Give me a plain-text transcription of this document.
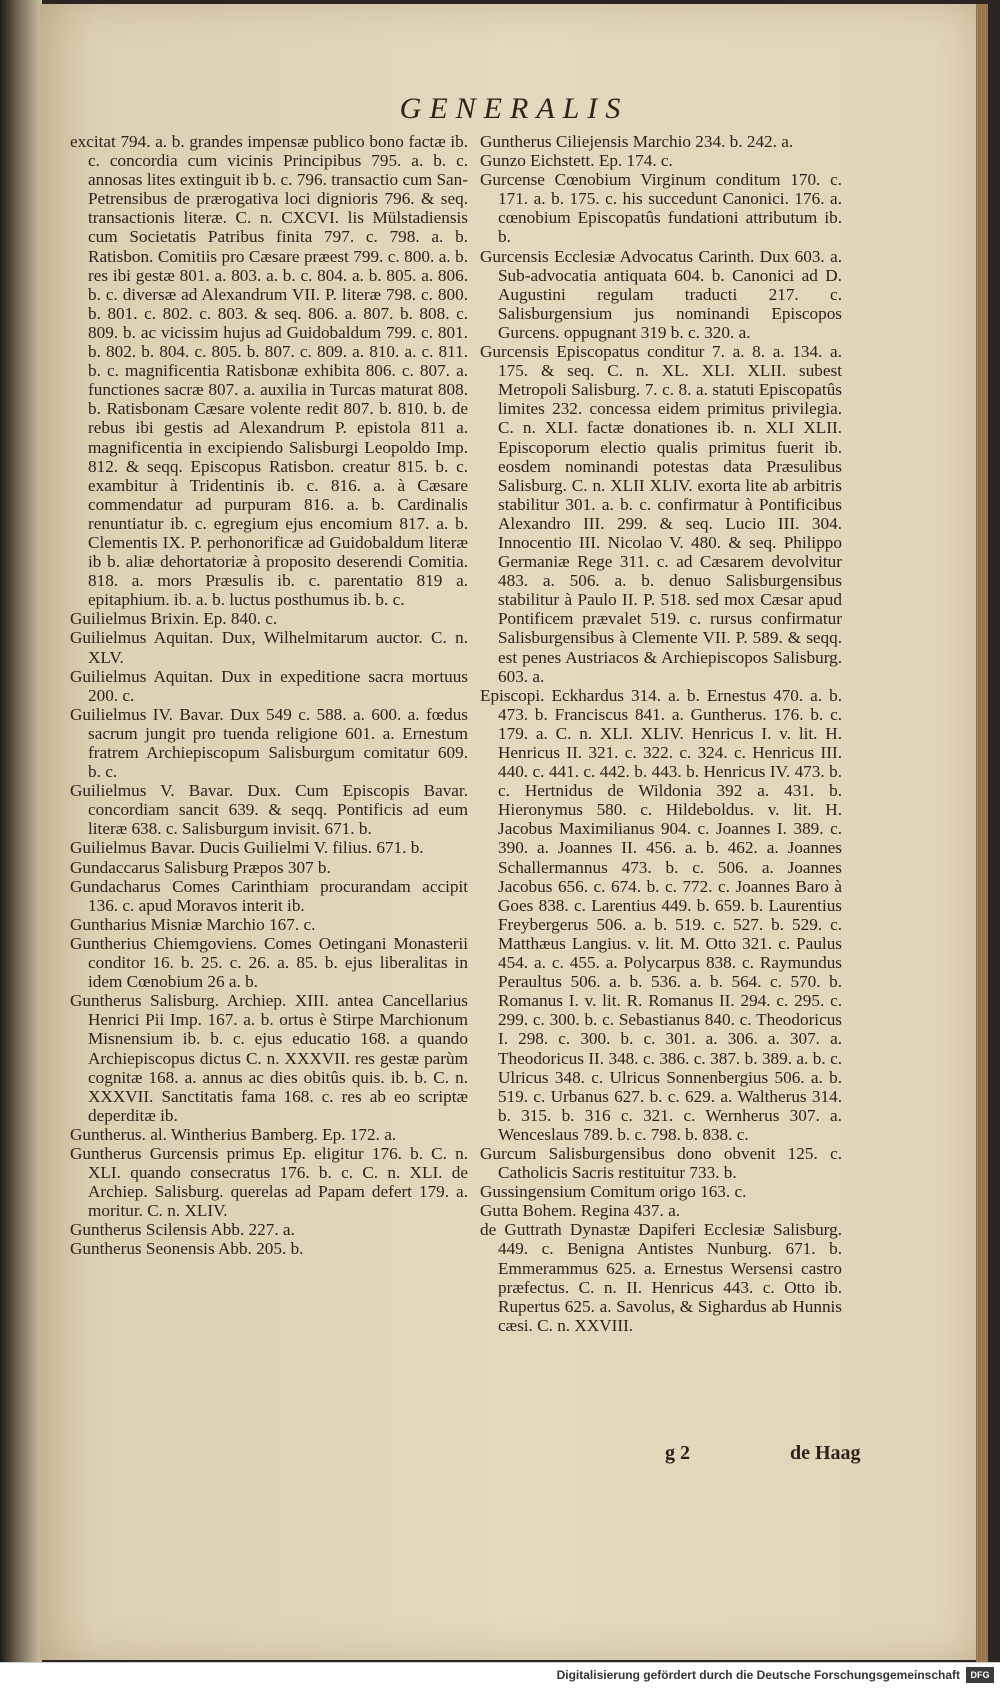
GENERALIS

excitat 794. a. b. grandes impensæ publico bono factæ ib. c. concordia cum vicinis Principibus 795. a. b. c. annosas lites extinguit ib b. c. 796. transactio cum San-Petrensibus de prærogativa loci dignioris 796. & seq. transactionis literæ. C. n. CXCVI. lis Mülstadiensis cum Societatis Patribus finita 797. c. 798. a. b. Ratisbon. Comitiis pro Cæsare præest 799. c. 800. a. b. res ibi gestæ 801. a. 803. a. b. c. 804. a. b. 805. a. 806. b. c. diversæ ad Alexandrum VII. P. literæ 798. c. 800. b. 801. c. 802. c. 803. & seq. 806. a. 807. b. 808. c. 809. b. ac vicissim hujus ad Guidobaldum 799. c. 801. b. 802. b. 804. c. 805. b. 807. c. 809. a. 810. a. c. 811. b. c. magnificentia Ratisbonæ exhibita 806. c. 807. a. functiones sacræ 807. a. auxilia in Turcas maturat 808. b. Ratisbonam Cæsare volente redit 807. b. 810. b. de rebus ibi gestis ad Alexandrum P. epistola 811 a. magnificentia in excipiendo Salisburgi Leopoldo Imp. 812. & seqq. Episcopus Ratisbon. creatur 815. b. c. exambitur à Tridentinis ib. c. 816. a. à Cæsare commendatur ad purpuram 816. a. b. Cardinalis renuntiatur ib. c. egregium ejus encomium 817. a. b. Clementis IX. P. perhonorificæ ad Guidobaldum literæ ib b. aliæ dehortatoriæ à proposito deserendi Comitia. 818. a. mors Præsulis ib. c. parentatio 819 a. epitaphium. ib. a. b. luctus posthumus ib. b. c.

Guilielmus Brixin. Ep. 840. c.

Guilielmus Aquitan. Dux, Wilhelmitarum auctor. C. n. XLV.

Guilielmus Aquitan. Dux in expeditione sacra mortuus 200. c.

Guilielmus IV. Bavar. Dux 549 c. 588. a. 600. a. fœdus sacrum jungit pro tuenda religione 601. a. Ernestum fratrem Archiepiscopum Salisburgum comitatur 609. b. c.

Guilielmus V. Bavar. Dux. Cum Episcopis Bavar. concordiam sancit 639. & seqq. Pontificis ad eum literæ 638. c. Salisburgum invisit. 671. b.

Guilielmus Bavar. Ducis Guilielmi V. filius. 671. b.

Gundaccarus Salisburg Præpos 307 b.

Gundacharus Comes Carinthiam procurandam accipit 136. c. apud Moravos interit ib.

Guntharius Misniæ Marchio 167. c.

Guntherius Chiemgoviens. Comes Oetingani Monasterii conditor 16. b. 25. c. 26. a. 85. b. ejus liberalitas in idem Cœnobium 26 a. b.

Guntherus Salisburg. Archiep. XIII. antea Cancellarius Henrici Pii Imp. 167. a. b. ortus è Stirpe Marchionum Misnensium ib. b. c. ejus educatio 168. a quando Archiepiscopus dictus C. n. XXXVII. res gestæ parùm cognitæ 168. a. annus ac dies obitûs quis. ib. b. C. n. XXXVII. Sanctitatis fama 168. c. res ab eo scriptæ deperditæ ib.

Guntherus. al. Wintherius Bamberg. Ep. 172. a.

Guntherus Gurcensis primus Ep. eligitur 176. b. C. n. XLI. quando consecratus 176. b. c. C. n. XLI. de Archiep. Salisburg. querelas ad Papam defert 179. a. moritur. C. n. XLIV.

Guntherus Scilensis Abb. 227. a.

Guntherus Seonensis Abb. 205. b.

Guntherus Ciliejensis Marchio 234. b. 242. a.

Gunzo Eichstett. Ep. 174. c.

Gurcense Cœnobium Virginum conditum 170. c. 171. a. b. 175. c. his succedunt Canonici. 176. a. cœnobium Episcopatûs fundationi attributum ib. b.

Gurcensis Ecclesiæ Advocatus Carinth. Dux 603. a. Sub-advocatia antiquata 604. b. Canonici ad D. Augustini regulam traducti 217. c. Salisburgensium jus nominandi Episcopos Gurcens. oppugnant 319 b. c. 320. a.

Gurcensis Episcopatus conditur 7. a. 8. a. 134. a. 175. & seq. C. n. XL. XLI. XLII. subest Metropoli Salisburg. 7. c. 8. a. statuti Episcopatûs limites 232. concessa eidem primitus privilegia. C. n. XLI. factæ donationes ib. n. XLI XLII. Episcoporum electio qualis primitus fuerit ib. eosdem nominandi potestas data Præsulibus Salisburg. C. n. XLII XLIV. exorta lite ab arbitris stabilitur 301. a. b. c. confirmatur à Pontificibus Alexandro III. 299. & seq. Lucio III. 304. Innocentio III. Nicolao V. 480. & seq. Philippo Germaniæ Rege 311. c. ad Cæsarem devolvitur 483. a. 506. a. b. denuo Salisburgensibus stabilitur à Paulo II. P. 518. sed mox Cæsar apud Pontificem prævalet 519. c. rursus confirmatur Salisburgensibus à Clemente VII. P. 589. & seqq. est penes Austriacos & Archiepiscopos Salisburg. 603. a.

Episcopi. Eckhardus 314. a. b. Ernestus 470. a. b. 473. b. Franciscus 841. a. Guntherus. 176. b. c. 179. a. C. n. XLI. XLIV. Henricus I. v. lit. H. Henricus II. 321. c. 322. c. 324. c. Henricus III. 440. c. 441. c. 442. b. 443. b. Henricus IV. 473. b. c. Hertnidus de Wildonia 392 a. 431. b. Hieronymus 580. c. Hildeboldus. v. lit. H. Jacobus Maximilianus 904. c. Joannes I. 389. c. 390. a. Joannes II. 456. a. b. 462. a. Joannes Schallermannus 473. b. c. 506. a. Joannes Jacobus 656. c. 674. b. c. 772. c. Joannes Baro à Goes 838. c. Larentius 449. b. 659. b. Laurentius Freybergerus 506. a. b. 519. c. 527. b. 529. c. Matthæus Langius. v. lit. M. Otto 321. c. Paulus 454. a. c. 455. a. Polycarpus 838. c. Raymundus Peraultus 506. a. b. 536. a. b. 564. c. 570. b. Romanus I. v. lit. R. Romanus II. 294. c. 295. c. 299. c. 300. b. c. Sebastianus 840. c. Theodoricus I. 298. c. 300. b. c. 301. a. 306. a. 307. a. Theodoricus II. 348. c. 386. c. 387. b. 389. a. b. c. Ulricus 348. c. Ulricus Sonnenbergius 506. a. b. 519. c. Urbanus 627. b. c. 629. a. Waltherus 314. b. 315. b. 316 c. 321. c. Wernherus 307. a. Wenceslaus 789. b. c. 798. b. 838. c.

Gurcum Salisburgensibus dono obvenit 125. c. Catholicis Sacris restituitur 733. b.

Gussingensium Comitum origo 163. c.

Gutta Bohem. Regina 437. a.

de Guttrath Dynastæ Dapiferi Ecclesiæ Salisburg. 449. c. Benigna Antistes Nunburg. 671. b. Emmerammus 625. a. Ernestus Wersensi castro præfectus. C. n. II. Henricus 443. c. Otto ib. Rupertus 625. a. Savolus, & Sighardus ab Hunnis cæsi. C. n. XXVIII.

g 2	de Haag
Digitalisierung gefördert durch die Deutsche Forschungsgemeinschaft	DFG
